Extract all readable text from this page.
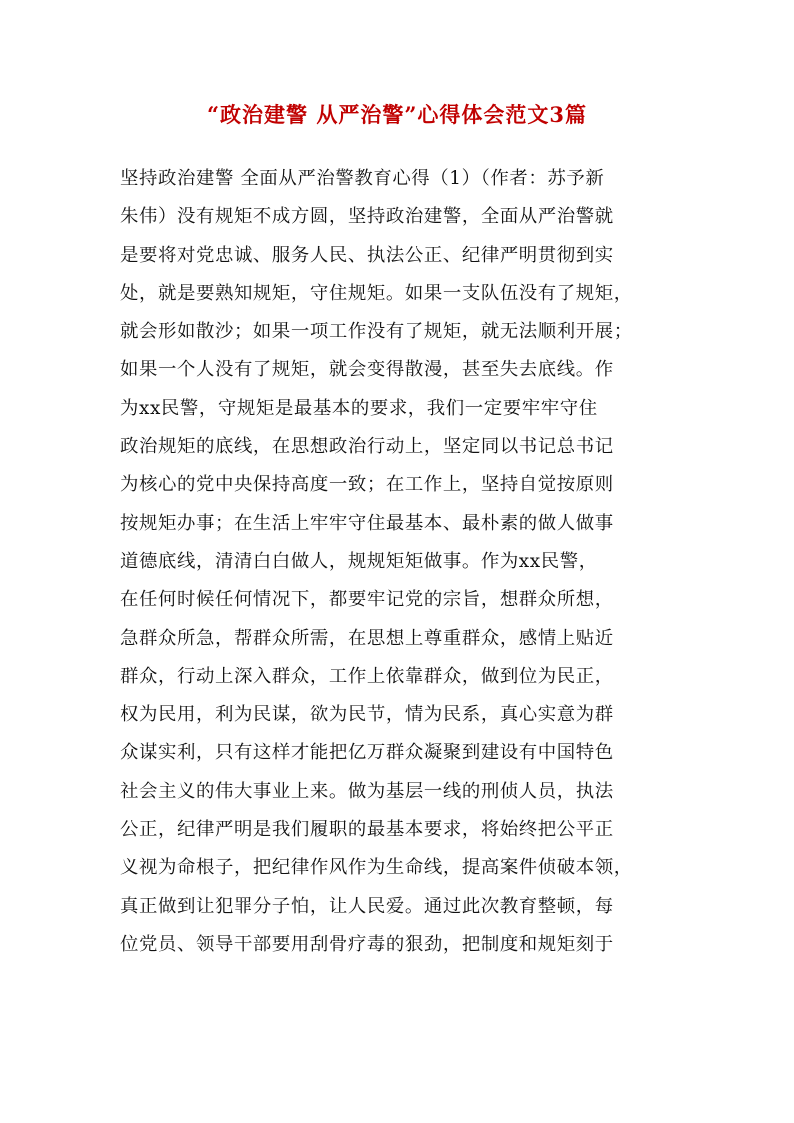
“政治建警 从严治警”心得体会范文3篇
坚持政治建警 全面从严治警教育心得（1）（作者：苏予新
朱伟）没有规矩不成方圆，坚持政治建警，全面从严治警就
是要将对党忠诚、服务人民、执法公正、纪律严明贯彻到实
处，就是要熟知规矩，守住规矩。如果一支队伍没有了规矩，
就会形如散沙；如果一项工作没有了规矩，就无法顺利开展；
如果一个人没有了规矩，就会变得散漫，甚至失去底线。作
为xx民警，守规矩是最基本的要求，我们一定要牢牢守住
政治规矩的底线，在思想政治行动上，坚定同以书记总书记
为核心的党中央保持高度一致；在工作上，坚持自觉按原则
按规矩办事；在生活上牢牢守住最基本、最朴素的做人做事
道德底线，清清白白做人，规规矩矩做事。作为xx民警，
在任何时候任何情况下，都要牢记党的宗旨，想群众所想，
急群众所急，帮群众所需，在思想上尊重群众，感情上贴近
群众，行动上深入群众，工作上依靠群众，做到位为民正，
权为民用，利为民谋，欲为民节，情为民系，真心实意为群
众谋实利，只有这样才能把亿万群众凝聚到建设有中国特色
社会主义的伟大事业上来。做为基层一线的刑侦人员，执法
公正，纪律严明是我们履职的最基本要求，将始终把公平正
义视为命根子，把纪律作风作为生命线，提高案件侦破本领，
真正做到让犯罪分子怕，让人民爱。通过此次教育整顿，每
位党员、领导干部要用刮骨疗毒的狠劲，把制度和规矩刻于
